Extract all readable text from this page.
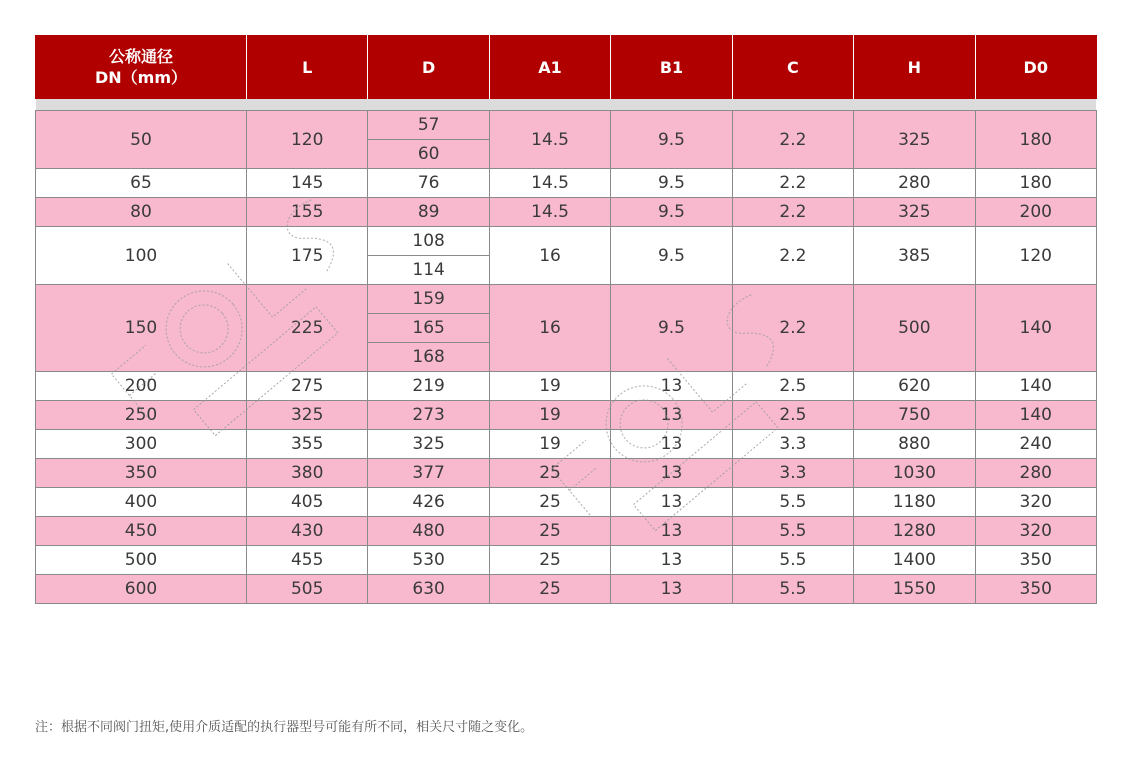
公称通径
DN（mm）	L	D	A1	B1	C	H	D0

50	120	57	14.5	9.5	2.2	325	180
		60					
65	145	76	14.5	9.5	2.2	280	180
80	155	89	14.5	9.5	2.2	325	200
100	175	108	16	9.5	2.2	385	120
		114					
150	225	159	16	9.5	2.2	500	140
		165					
		168					
200	275	219	19	13	2.5	620	140
250	325	273	19	13	2.5	750	140
300	355	325	19	13	3.3	880	240
350	380	377	25	13	3.3	1030	280
400	405	426	25	13	5.5	1180	320
450	430	480	25	13	5.5	1280	320
500	455	530	25	13	5.5	1400	350
600	505	630	25	13	5.5	1550	350
注：根据不同阀门扭矩,使用介质适配的执行器型号可能有所不同，相关尺寸随之变化。
